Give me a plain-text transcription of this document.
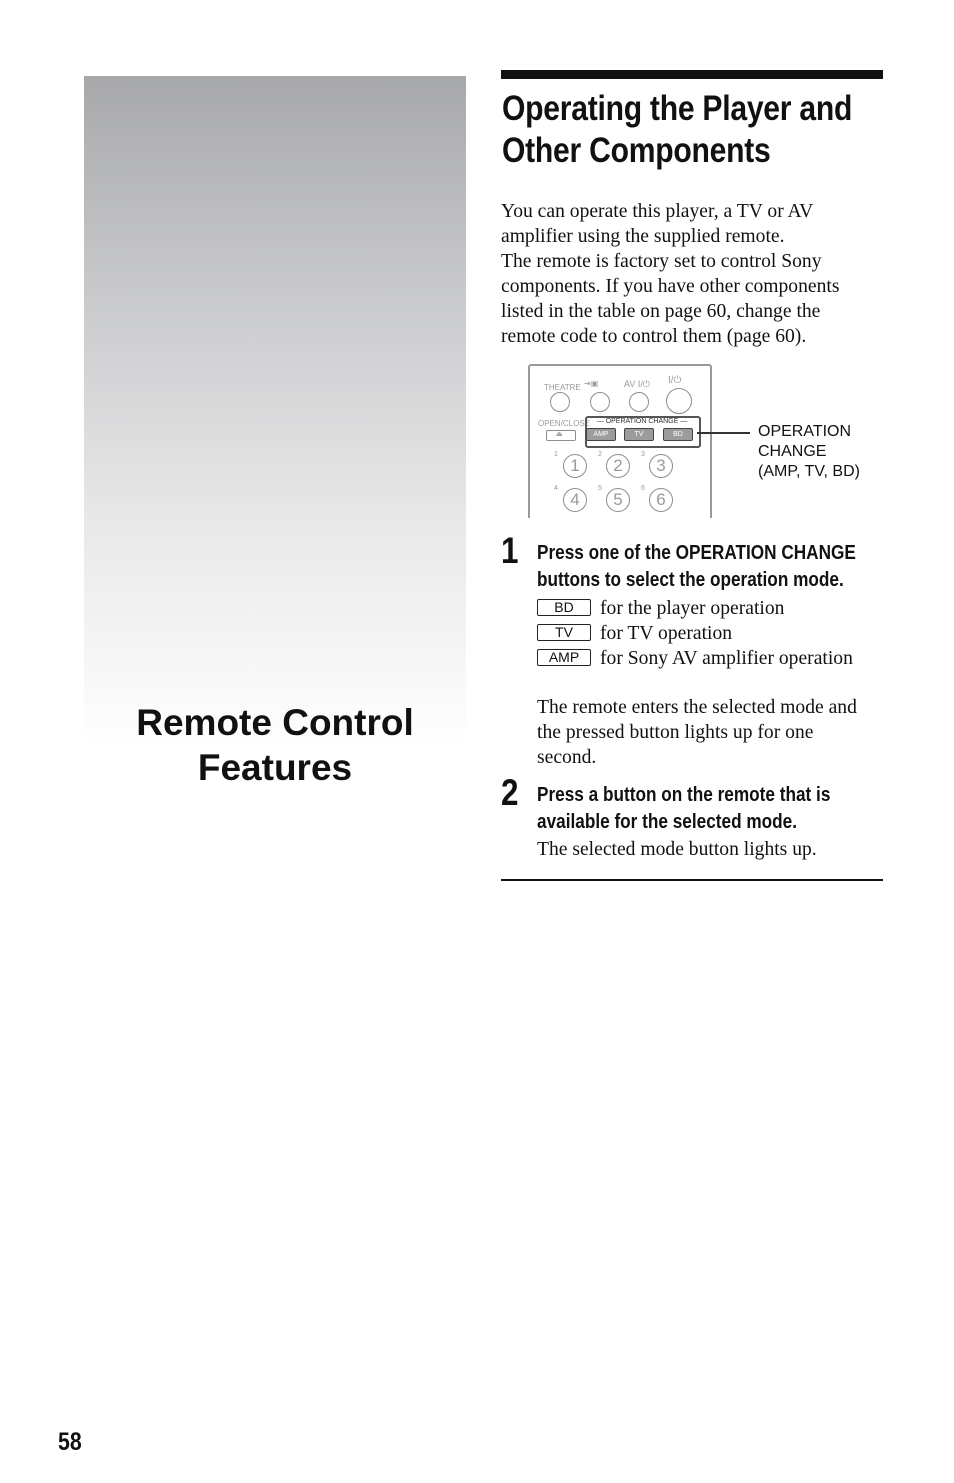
Remote Control
Features
Operating the Player and
Other Components
You can operate this player, a TV or AV
amplifier using the supplied remote.
The remote is factory set to control Sony
components. If you have other components
listed in the table on page 60, change the
remote code to control them (page 60).
THEATRE ⇥▣	AV I/⏻ I/⏻
OPEN/CLOSE
⏏
— OPERATION CHANGE —
AMP	TV	BD
1	2	3
1	2	3
4	5	6
4	5	6
OPERATION
CHANGE
(AMP, TV, BD)
1 Press one of the OPERATION CHANGE
buttons to select the operation mode.
BD for the player operation
TV for TV operation
AMP for Sony AV amplifier operation
The remote enters the selected mode and
the pressed button lights up for one
second.
2 Press a button on the remote that is
available for the selected mode.
The selected mode button lights up.
58
